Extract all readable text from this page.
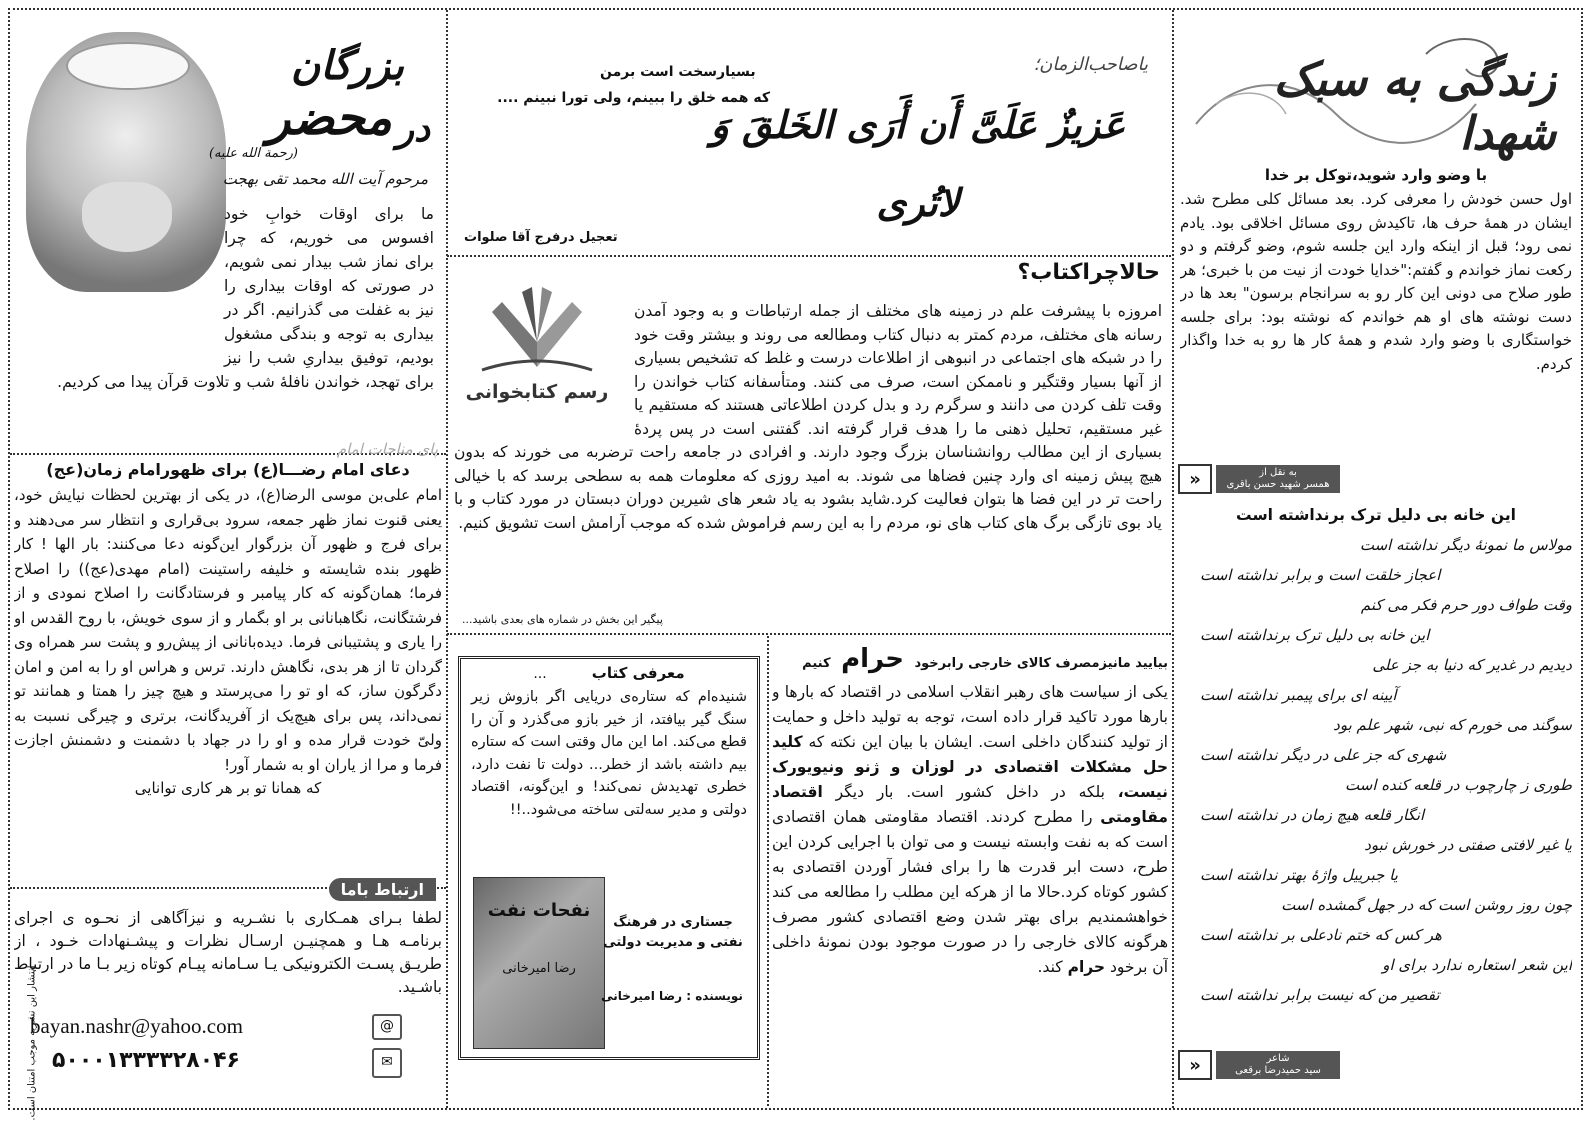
یاصاحب‌الزمان؛
عَزیزٌ عَلَیَّ أَن أَرَی الخَلقَ وَ لاتُری
بسیارسخت است برمن
که همه خلق را ببینم، ولی تورا نبینم ....
تعجیل درفرج آقا صلوات
زندگی به سبک شهدا

با وضو وارد شوید،توکل بر خدا

اول حسن خودش را معرفی کرد. بعد مسائل کلی مطرح شد. ایشان در همهٔ حرف ها، تاکیدش روی مسائل اخلاقی بود. یادم نمی رود؛ قبل از اینکه وارد این جلسه شوم، وضو گرفتم و دو رکعت نماز خواندم و گفتم:"خدایا خودت از نیت من با خبری؛ هر طور صلاح می دونی این کار رو به سرانجام برسون" بعد ها در دست نوشته های او هم خواندم که نوشته بود: برای جلسه خواستگاری با وضو وارد شدم و همهٔ کار ها رو به خدا واگذار کردم.

به نقل از
همسر شهید حسن باقری
«

این خانه بی دلیل ترک برنداشته است

مولاس ما نمونهٔ دیگر نداشته است
اعجاز خلقت است و برابر نداشته است
وقت طواف دور حرم فکر می کنم
این خانه بی دلیل ترک برنداشته است
دیدیم در غدیر که دنیا به جز علی
آیینه ای برای پیمبر نداشته است
سوگند می خورم که نبی، شهر علم بود
شهری که جز علی در دیگر نداشته است
طوری ز چارچوب در قلعه کنده است
انگار قلعه هیچ زمان در نداشته است
یا غیر لافتی صفتی در خورش نبود
یا جبرییل واژهٔ بهتر نداشته است
چون روز روشن است که در جهل گمشده است
هر کس که ختم نادعلی بر نداشته است
این شعر استعاره ندارد برای او
تقصیر من که نیست برابر نداشته است
شاعر
سید حمیدرضا برقعی
«
رسم کتابخوانی

حالاچراکتاب؟

امروزه با پیشرفت علم در زمینه های مختلف از جمله ارتباطات و به وجود آمدن رسانه های مختلف، مردم کمتر به دنبال کتاب ومطالعه می روند و بیشتر وقت خود را در شبکه های اجتماعی در انبوهی از اطلاعات درست و غلط که تشخیص بسیاری از آنها بسیار وقتگیر و ناممکن است، صرف می کنند. ومتأسفانه کتاب خواندن را وقت تلف کردن می دانند و سرگرم رد و بدل کردن اطلاعاتی هستند که مستقیم یا غیر مستقیم، تحلیل ذهنی ما را هدف قرار گرفته اند. گفتنی است در پس پردهٔ بسیاری از این مطالب روانشناسان بزرگ وجود دارند. و افرادی در جامعه راحت ترضربه می خورند که بدون هیچ پیش زمینه ای وارد چنین فضاها می شوند. به امید روزی که معلومات همه به سطحی برسد که با خیالی راحت تر در این فضا ها بتوان فعالیت کرد.شاید بشود به یاد شعر های شیرین دوران دبستان در مورد کتاب و با یاد بوی تازگی برگ های کتاب های نو، مردم را به این رسم فراموش شده که موجب آرامش است تشویق کنیم.

پیگیر این بخش در شماره های بعدی باشید...
بیایید مانیزمصرف کالای خارجی رابرخود حرام کنیم

یکی از سیاست های رهبر انقلاب اسلامی در اقتصاد که بارها و بارها مورد تاکید قرار داده است، توجه به تولید داخل و حمایت از تولید کنندگان داخلی است. ایشان با بیان این نکته که کلید حل مشکلات اقتصادی در لوزان و ژنو ونیویورک نیست، بلکه در داخل کشور است. بار دیگر اقتصاد مقاومتی را مطرح کردند. اقتصاد مقاومتی همان اقتصادی است که به نفت وابسته نیست و می توان با اجرایی کردن این طرح، دست ابر قدرت ها را برای فشار آوردن اقتصادی به کشور کوتاه کرد.حالا ما از هرکه این مطلب را مطالعه می کند خواهشمندیم برای بهتر شدن وضع اقتصادی کشور مصرف هرگونه کالای خارجی را در صورت موجود بودن نمونهٔ داخلی آن برخود حرام کند.

معرفی کتاب ...

شنیده‌ام که ستاره‌ی دریایی اگر بازوش زیر سنگ گیر بیافتد، از خیر بازو می‌گذرد و آن را قطع می‌کند. اما این مال وقتی است که ستاره بیم داشته باشد از خطر... دولت تا نفت دارد، خطری تهدیدش نمی‌کند! و این‌گونه، اقتصاد دولتی و مدیر سه‌لتی ساخته می‌شود..!!

نفحات نفت
رضا امیرخانی
جستاری در فرهنگ نفتی و مدیریت دولتی
نویسنده : رضا امیرخانی
بزرگان
محضر در
(رحمة الله علیه)
مرحوم آیت الله محمد تقی بهجت

ما برای اوقات خوابِ خود افسوس می خوریم، که چرا برای نماز شب بیدار نمی شویم، در صورتی که اوقات بیداری را نیز به غفلت می گذرانیم. اگر در بیداری به توجه و بندگی مشغول بودیم، توفیق بیداریِ شب را نیز برای تهجد، خواندن نافلهٔ شب و تلاوت قرآن پیدا می کردیم.

پای مناجات امام

دعای امام رضـــا(ع) برای ظهورامام زمان(عج)

امام علی‌بن موسی الرضا(ع)، در یکی از بهترین لحظات نیایش خود، یعنی قنوت نماز ظهر جمعه، سرود بی‌قراری و انتظار سر می‌دهند و برای فرج و ظهور آن بزرگوار این‌گونه دعا می‌کنند: بار الها ! کار ظهور بنده شایسته و خلیفه راستینت (امام مهدی(عج)) را اصلاح فرما؛ همان‌گونه که کار پیامبر و فرستادگانت را اصلاح نمودی و از فرشتگانت، نگاهبانانی بر او بگمار و از سوی خویش، با روح القدس او را یاری و پشتیبانی فرما. دیده‌بانانی از پیش‌رو و پشت سر همراه وی گردان تا از هر بدی، نگاهش دارند. ترس و هراس او را به امن و امان دگرگون ساز، که او تو را می‌پرستد و هیچ چیز را همتا و همانند تو نمی‌داند، پس برای هیچ‌یک از آفریدگانت، برتری و چیرگی نسبت به ولیّ خودت قرار مده و او را در جهاد با دشمنت و دشمنش اجازت فرما و مرا از یاران او به شمار آور!

که همانا تو بر هر کاری توانایی

ارتباط باما

لطفا بـرای همـکاری با نشـریه و نیزآگاهی از نحـوه ی اجرای برنامـه هـا و همچنیـن ارسـال نظرات و پیشـنهادات خـود ، از طریـق پسـت الکترونیکی یـا سـامانه پیـام کوتاه زیر بـا ما در ارتباط باشـید.

bayan.nashr@yahoo.com
۵۰۰۰۱۳۳۳۳۲۸۰۴۶
@
✉
انتشار این نشریه موجب امتنان است.
